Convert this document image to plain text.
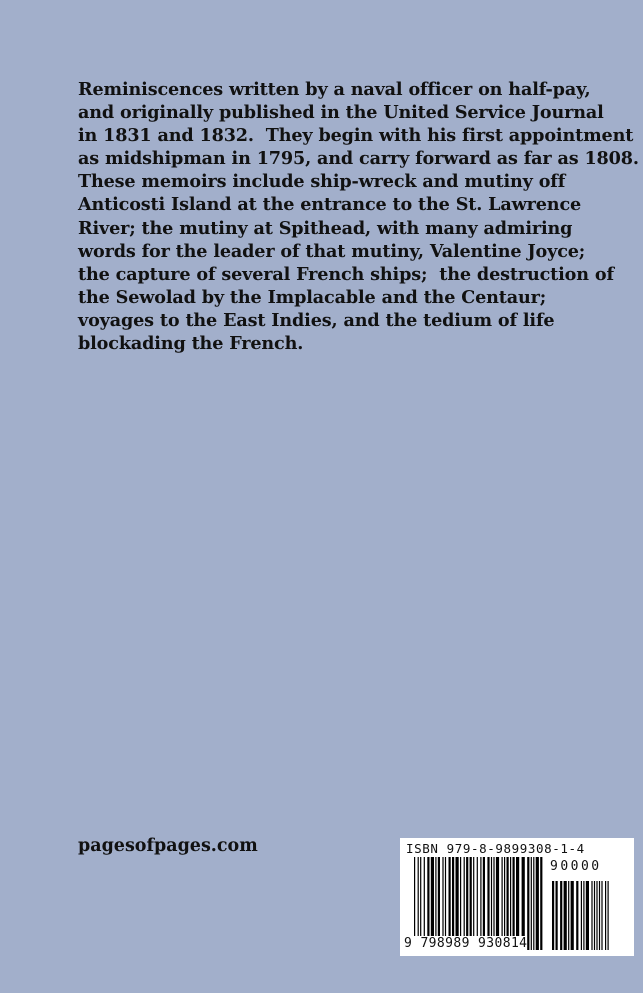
Reminiscences written by a naval officer on half-pay,
and originally published in the United Service Journal
in 1831 and 1832.  They begin with his first appointment
as midshipman in 1795, and carry forward as far as 1808.
These memoirs include ship-wreck and mutiny off
Anticosti Island at the entrance to the St. Lawrence
River; the mutiny at Spithead, with many admiring
words for the leader of that mutiny, Valentine Joyce;
the capture of several French ships;  the destruction of
the Sewolad by the Implacable and the Centaur;
voyages to the East Indies, and the tedium of life
blockading the French.
pagesofpages.com	ISBN 979-8-9899308-1-4
90000
9 798989 930814
